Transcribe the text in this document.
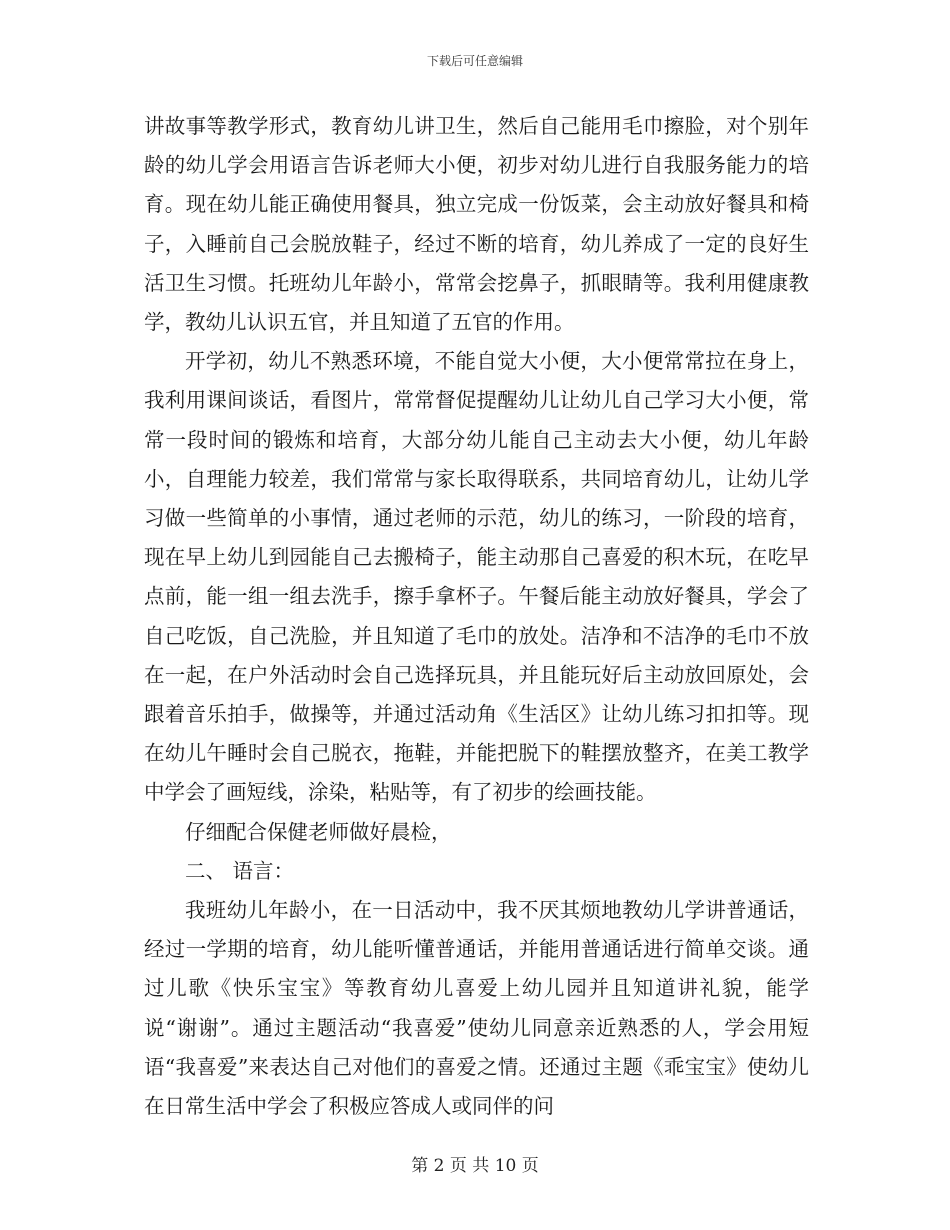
下载后可任意编辑

讲故事等教学形式，教育幼儿讲卫生，然后自己能用毛巾擦脸，对个别年龄的幼儿学会用语言告诉老师大小便，初步对幼儿进行自我服务能力的培育。现在幼儿能正确使用餐具，独立完成一份饭菜，会主动放好餐具和椅子，入睡前自己会脱放鞋子，经过不断的培育，幼儿养成了一定的良好生活卫生习惯。托班幼儿年龄小，常常会挖鼻子，抓眼睛等。我利用健康教学，教幼儿认识五官，并且知道了五官的作用。

开学初，幼儿不熟悉环境，不能自觉大小便，大小便常常拉在身上，我利用课间谈话，看图片，常常督促提醒幼儿让幼儿自己学习大小便，常常一段时间的锻炼和培育，大部分幼儿能自己主动去大小便，幼儿年龄小，自理能力较差，我们常常与家长取得联系，共同培育幼儿，让幼儿学习做一些简单的小事情，通过老师的示范，幼儿的练习，一阶段的培育，现在早上幼儿到园能自己去搬椅子，能主动那自己喜爱的积木玩，在吃早点前，能一组一组去洗手，擦手拿杯子。午餐后能主动放好餐具，学会了自己吃饭，自己洗脸，并且知道了毛巾的放处。洁净和不洁净的毛巾不放在一起，在户外活动时会自己选择玩具，并且能玩好后主动放回原处，会跟着音乐拍手，做操等，并通过活动角《生活区》让幼儿练习扣扣等。现在幼儿午睡时会自己脱衣，拖鞋，并能把脱下的鞋摆放整齐，在美工教学中学会了画短线，涂染，粘贴等，有了初步的绘画技能。

仔细配合保健老师做好晨检，

二、 语言：

我班幼儿年龄小，在一日活动中，我不厌其烦地教幼儿学讲普通话，经过一学期的培育，幼儿能听懂普通话，并能用普通话进行简单交谈。通过儿歌《快乐宝宝》等教育幼儿喜爱上幼儿园并且知道讲礼貌，能学说“谢谢”。通过主题活动“我喜爱”使幼儿同意亲近熟悉的人，学会用短语“我喜爱”来表达自己对他们的喜爱之情。还通过主题《乖宝宝》使幼儿在日常生活中学会了积极应答成人或同伴的问

第 2 页 共 10 页
